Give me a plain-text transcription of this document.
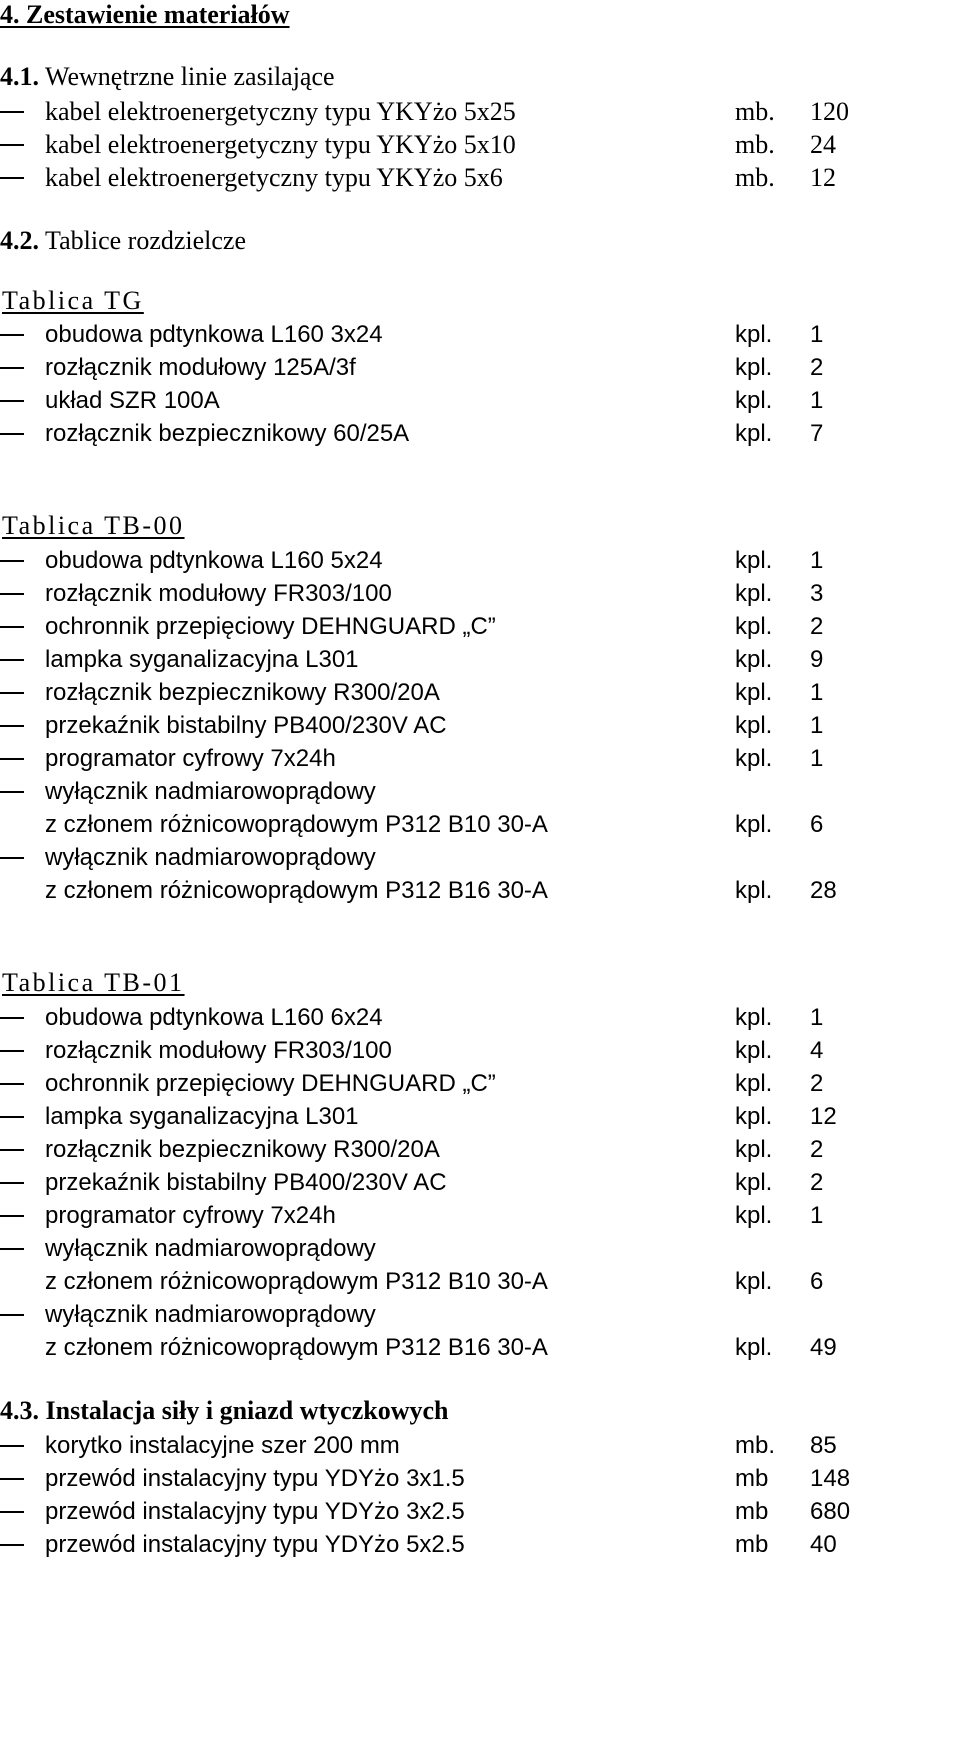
4. Zestawienie materiałów
4.1. Wewnętrzne linie zasilające
kabel elektroenergetyczny typu YKYżo 5x25	mb. 120
kabel elektroenergetyczny typu YKYżo 5x10	mb. 24
kabel elektroenergetyczny typu YKYżo 5x6	mb. 12
4.2. Tablice rozdzielcze
Tablica TG
obudowa pdtynkowa L160 3x24	kpl. 1
rozłącznik modułowy 125A/3f	kpl. 2
układ SZR 100A	kpl. 1
rozłącznik bezpiecznikowy 60/25A	kpl. 7
Tablica TB-00
obudowa pdtynkowa L160 5x24	kpl. 1
rozłącznik modułowy FR303/100	kpl. 3
ochronnik przepięciowy DEHNGUARD „C”	kpl. 2
lampka syganalizacyjna L301	kpl. 9
rozłącznik bezpiecznikowy R300/20A	kpl. 1
przekaźnik bistabilny PB400/230V AC	kpl. 1
programator cyfrowy 7x24h	kpl. 1
wyłącznik nadmiarowoprądowy
z członem różnicowoprądowym P312 B10 30-A	kpl. 6
wyłącznik nadmiarowoprądowy
z członem różnicowoprądowym P312 B16 30-A	kpl. 28
Tablica TB-01
obudowa pdtynkowa L160 6x24	kpl. 1
rozłącznik modułowy FR303/100	kpl. 4
ochronnik przepięciowy DEHNGUARD „C”	kpl. 2
lampka syganalizacyjna L301	kpl. 12
rozłącznik bezpiecznikowy R300/20A	kpl. 2
przekaźnik bistabilny PB400/230V AC	kpl. 2
programator cyfrowy 7x24h	kpl. 1
wyłącznik nadmiarowoprądowy
z członem różnicowoprądowym P312 B10 30-A	kpl. 6
wyłącznik nadmiarowoprądowy
z członem różnicowoprądowym P312 B16 30-A	kpl. 49
4.3. Instalacja siły i gniazd wtyczkowych
korytko instalacyjne szer 200 mm	mb. 85
przewód instalacyjny typu YDYżo 3x1.5	mb 148
przewód instalacyjny typu YDYżo 3x2.5	mb 680
przewód instalacyjny typu YDYżo 5x2.5	mb 40
